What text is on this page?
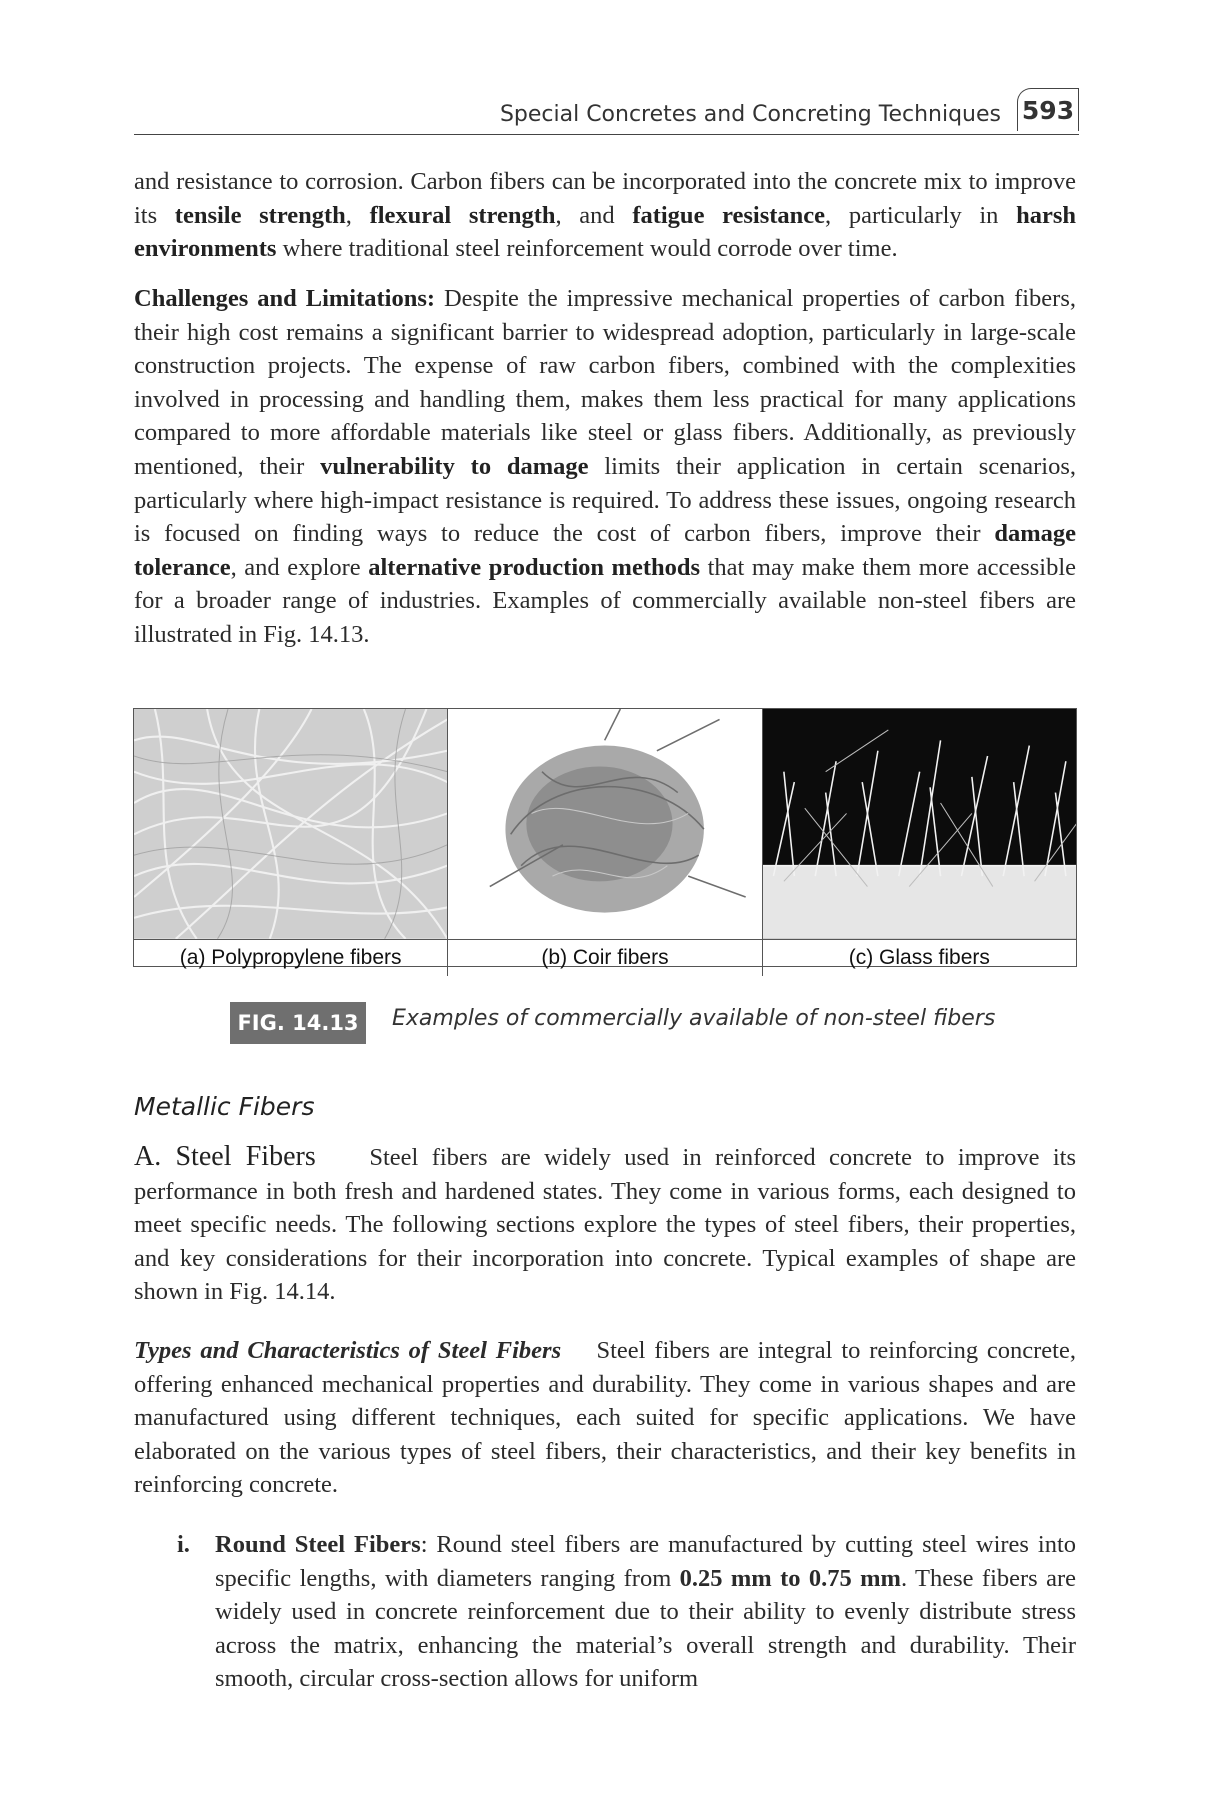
Special Concretes and Concreting Techniques 593

and resistance to corrosion. Carbon fibers can be incorporated into the concrete mix to improve its tensile strength, flexural strength, and fatigue resistance, particularly in harsh environments where traditional steel reinforcement would corrode over time.

Challenges and Limitations: Despite the impressive mechanical properties of carbon fibers, their high cost remains a significant barrier to widespread adoption, particularly in large-scale construction projects. The expense of raw carbon fibers, combined with the complexities involved in processing and handling them, makes them less practical for many applications compared to more affordable materials like steel or glass fibers. Additionally, as previously mentioned, their vulnerability to damage limits their application in certain scenarios, particularly where high-impact resistance is required. To address these issues, ongoing research is focused on finding ways to reduce the cost of carbon fibers, improve their damage tolerance, and explore alternative production methods that may make them more accessible for a broader range of industries. Examples of commercially available non-steel fibers are illustrated in Fig. 14.13.

(a) Polypropylene fibers	(b) Coir fibers	(c) Glass fibers
FIG. 14.13	Examples of commercially available of non-steel fibers
Metallic Fibers

A. Steel Fibers Steel fibers are widely used in reinforced concrete to improve its performance in both fresh and hardened states. They come in various forms, each designed to meet specific needs. The following sections explore the types of steel fibers, their properties, and key considerations for their incorporation into concrete. Typical examples of shape are shown in Fig. 14.14.

Types and Characteristics of Steel Fibers Steel fibers are integral to reinforcing concrete, offering enhanced mechanical properties and durability. They come in various shapes and are manufactured using different techniques, each suited for specific applications. We have elaborated on the various types of steel fibers, their characteristics, and their key benefits in reinforcing concrete.

i. Round Steel Fibers: Round steel fibers are manufactured by cutting steel wires into specific lengths, with diameters ranging from 0.25 mm to 0.75 mm. These fibers are widely used in concrete reinforcement due to their ability to evenly distribute stress across the matrix, enhancing the material’s overall strength and durability. Their smooth, circular cross-section allows for uniform
